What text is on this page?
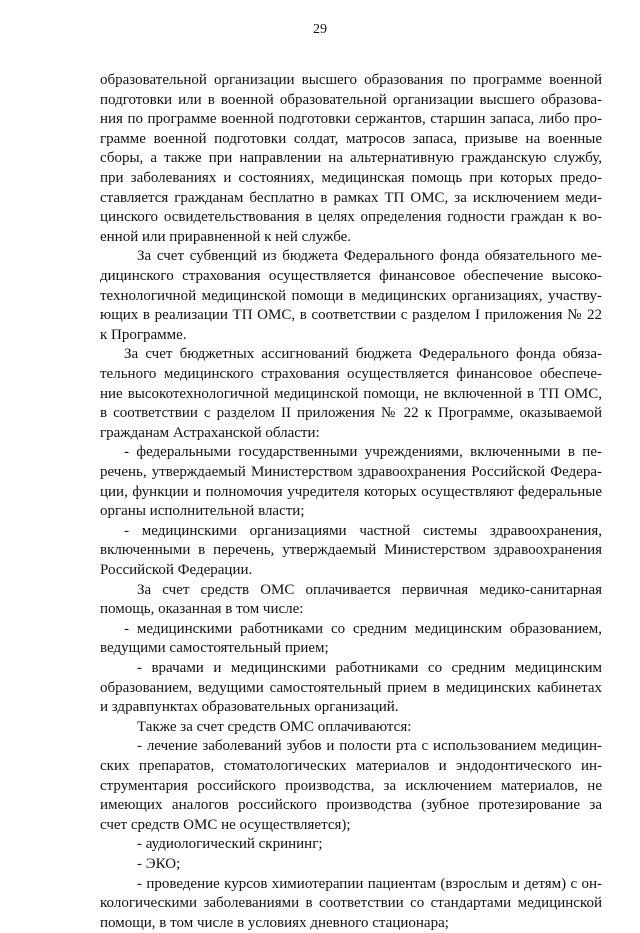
29
образовательной организации высшего образования по программе военной
подготовки или в военной образовательной организации высшего образова-
ния по программе военной подготовки сержантов, старшин запаса, либо про-
грамме военной подготовки солдат, матросов запаса, призыве на военные
сборы, а также при направлении на альтернативную гражданскую службу,
при заболеваниях и состояниях, медицинская помощь при которых предо-
ставляется гражданам бесплатно в рамках ТП ОМС, за исключением меди-
цинского освидетельствования в целях определения годности граждан к во-
енной или приравненной к ней службе.
За счет субвенций из бюджета Федерального фонда обязательного ме-
дицинского страхования осуществляется финансовое обеспечение высоко-
технологичной медицинской помощи в медицинских организациях, участву-
ющих в реализации ТП ОМС, в соответствии с разделом I приложения № 22
к Программе.
За счет бюджетных ассигнований бюджета Федерального фонда обяза-
тельного медицинского страхования осуществляется финансовое обеспече-
ние высокотехнологичной медицинской помощи, не включенной в ТП ОМС,
в соответствии с разделом II приложения № 22 к Программе, оказываемой
гражданам Астраханской области:
- федеральными государственными учреждениями, включенными в пе-
речень, утверждаемый Министерством здравоохранения Российской Федера-
ции, функции и полномочия учредителя которых осуществляют федеральные
органы исполнительной власти;
- медицинскими организациями частной системы здравоохранения,
включенными в перечень, утверждаемый Министерством здравоохранения
Российской Федерации.
За счет средств ОМС оплачивается первичная медико-санитарная
помощь, оказанная в том числе:
- медицинскими работниками со средним медицинским образованием,
ведущими самостоятельный прием;
- врачами и медицинскими работниками со средним медицинским
образованием, ведущими самостоятельный прием в медицинских кабинетах
и здравпунктах образовательных организаций.
Также за счет средств ОМС оплачиваются:
- лечение заболеваний зубов и полости рта с использованием медицин-
ских препаратов, стоматологических материалов и эндодонтического ин-
струментария российского производства, за исключением материалов, не
имеющих аналогов российского производства (зубное протезирование за
счет средств ОМС не осуществляется);
- аудиологический скрининг;
- ЭКО;
- проведение курсов химиотерапии пациентам (взрослым и детям) с он-
кологическими заболеваниями в соответствии со стандартами медицинской
помощи, в том числе в условиях дневного стационара;
